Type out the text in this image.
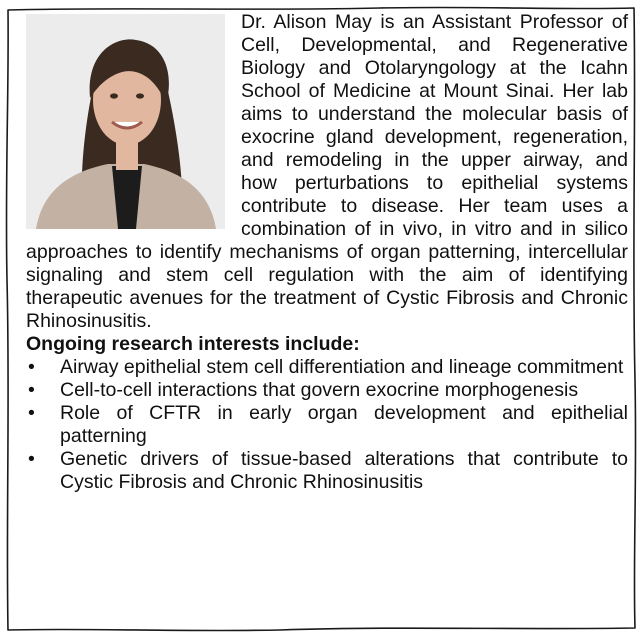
Dr. Alison May is an Assistant Professor of Cell, Developmental, and Regenerative Biology and Otolaryngology at the Icahn School of Medicine at Mount Sinai. Her lab aims to understand the molecular basis of exocrine gland development, regeneration, and remodeling in the upper airway, and how perturbations to epithelial systems contribute to disease. Her team uses a combination of in vivo, in vitro and in silico approaches to identify mechanisms of organ patterning, intercellular signaling and stem cell regulation with the aim of identifying therapeutic avenues for the treatment of Cystic Fibrosis and Chronic Rhinosinusitis.

Ongoing research interests include:

• Airway epithelial stem cell differentiation and lineage commitment
• Cell-to-cell interactions that govern exocrine morphogenesis
• Role of CFTR in early organ development and epithelial patterning
• Genetic drivers of tissue-based alterations that contribute to Cystic Fibrosis and Chronic Rhinosinusitis
